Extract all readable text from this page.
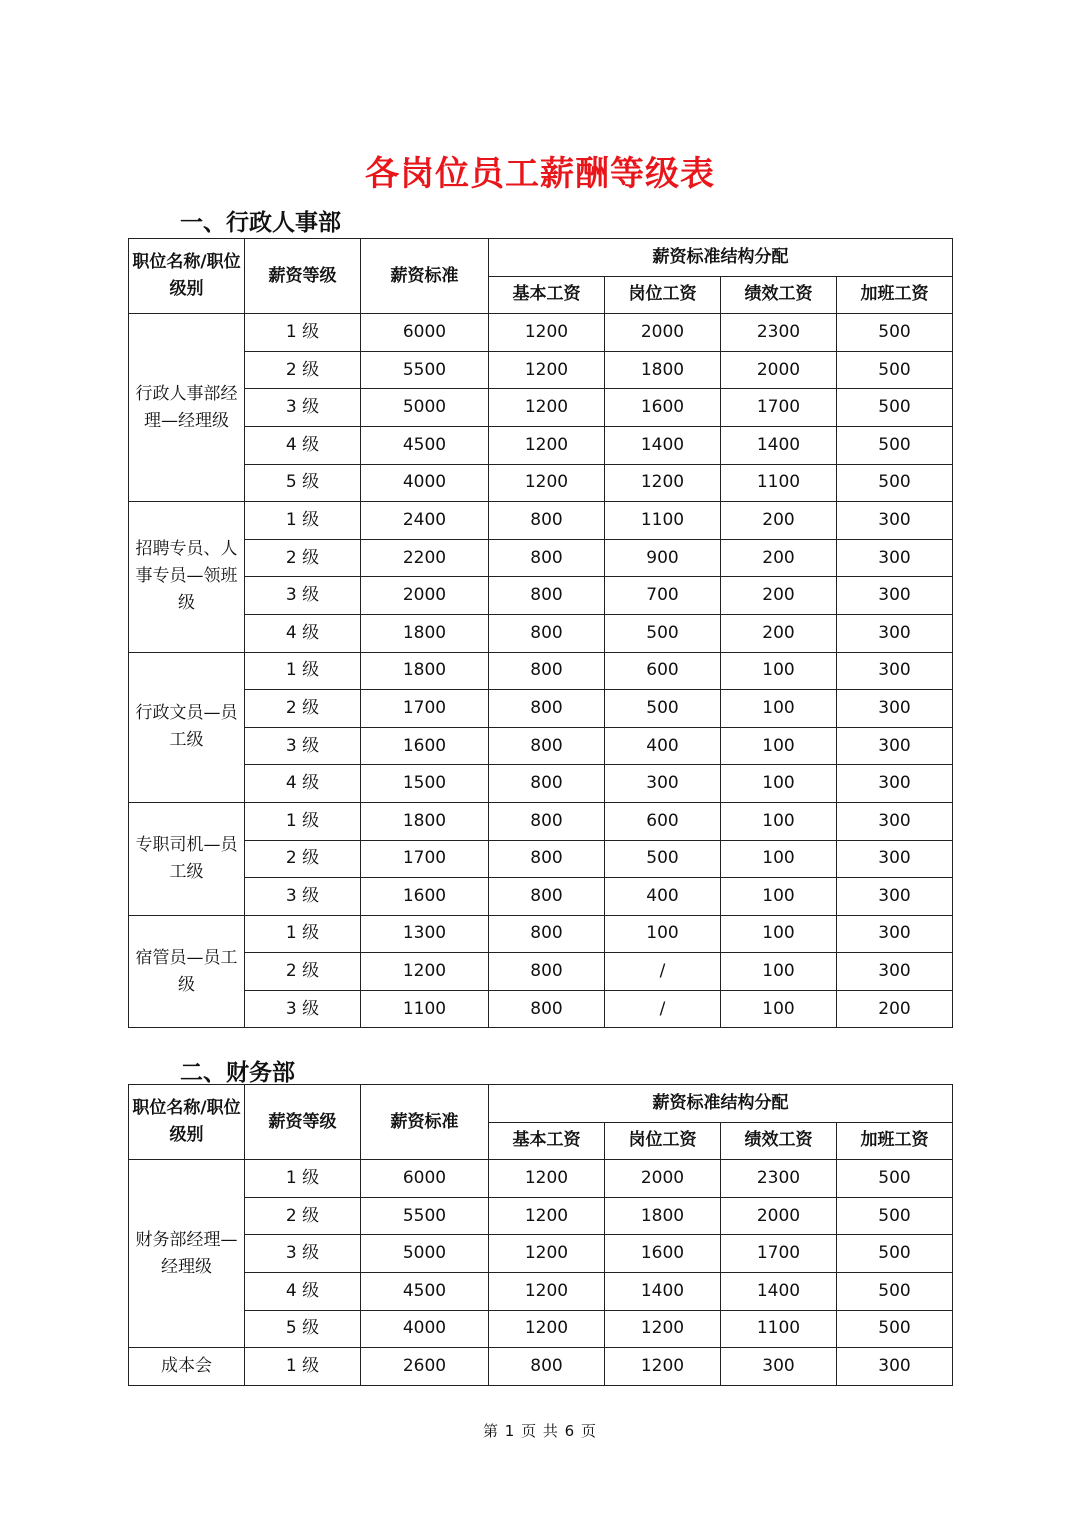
各岗位员工薪酬等级表
一、行政人事部
职位名称/职位级别	薪资等级	薪资标准	薪资标准结构分配			
			基本工资	岗位工资	绩效工资	加班工资
行政人事部经理—经理级	1 级	6000	1200	2000	2300	500
	2 级	5500	1200	1800	2000	500
	3 级	5000	1200	1600	1700	500
	4 级	4500	1200	1400	1400	500
	5 级	4000	1200	1200	1100	500
招聘专员、人事专员—领班级	1 级	2400	800	1100	200	300
	2 级	2200	800	900	200	300
	3 级	2000	800	700	200	300
	4 级	1800	800	500	200	300
行政文员—员工级	1 级	1800	800	600	100	300
	2 级	1700	800	500	100	300
	3 级	1600	800	400	100	300
	4 级	1500	800	300	100	300
专职司机—员工级	1 级	1800	800	600	100	300
	2 级	1700	800	500	100	300
	3 级	1600	800	400	100	300
宿管员—员工级	1 级	1300	800	100	100	300
	2 级	1200	800	/	100	300
	3 级	1100	800	/	100	200
二、财务部
职位名称/职位级别	薪资等级	薪资标准	薪资标准结构分配			
			基本工资	岗位工资	绩效工资	加班工资
财务部经理—经理级	1 级	6000	1200	2000	2300	500
	2 级	5500	1200	1800	2000	500
	3 级	5000	1200	1600	1700	500
	4 级	4500	1200	1400	1400	500
	5 级	4000	1200	1200	1100	500
成本会	1 级	2600	800	1200	300	300
第 1 页 共 6 页
